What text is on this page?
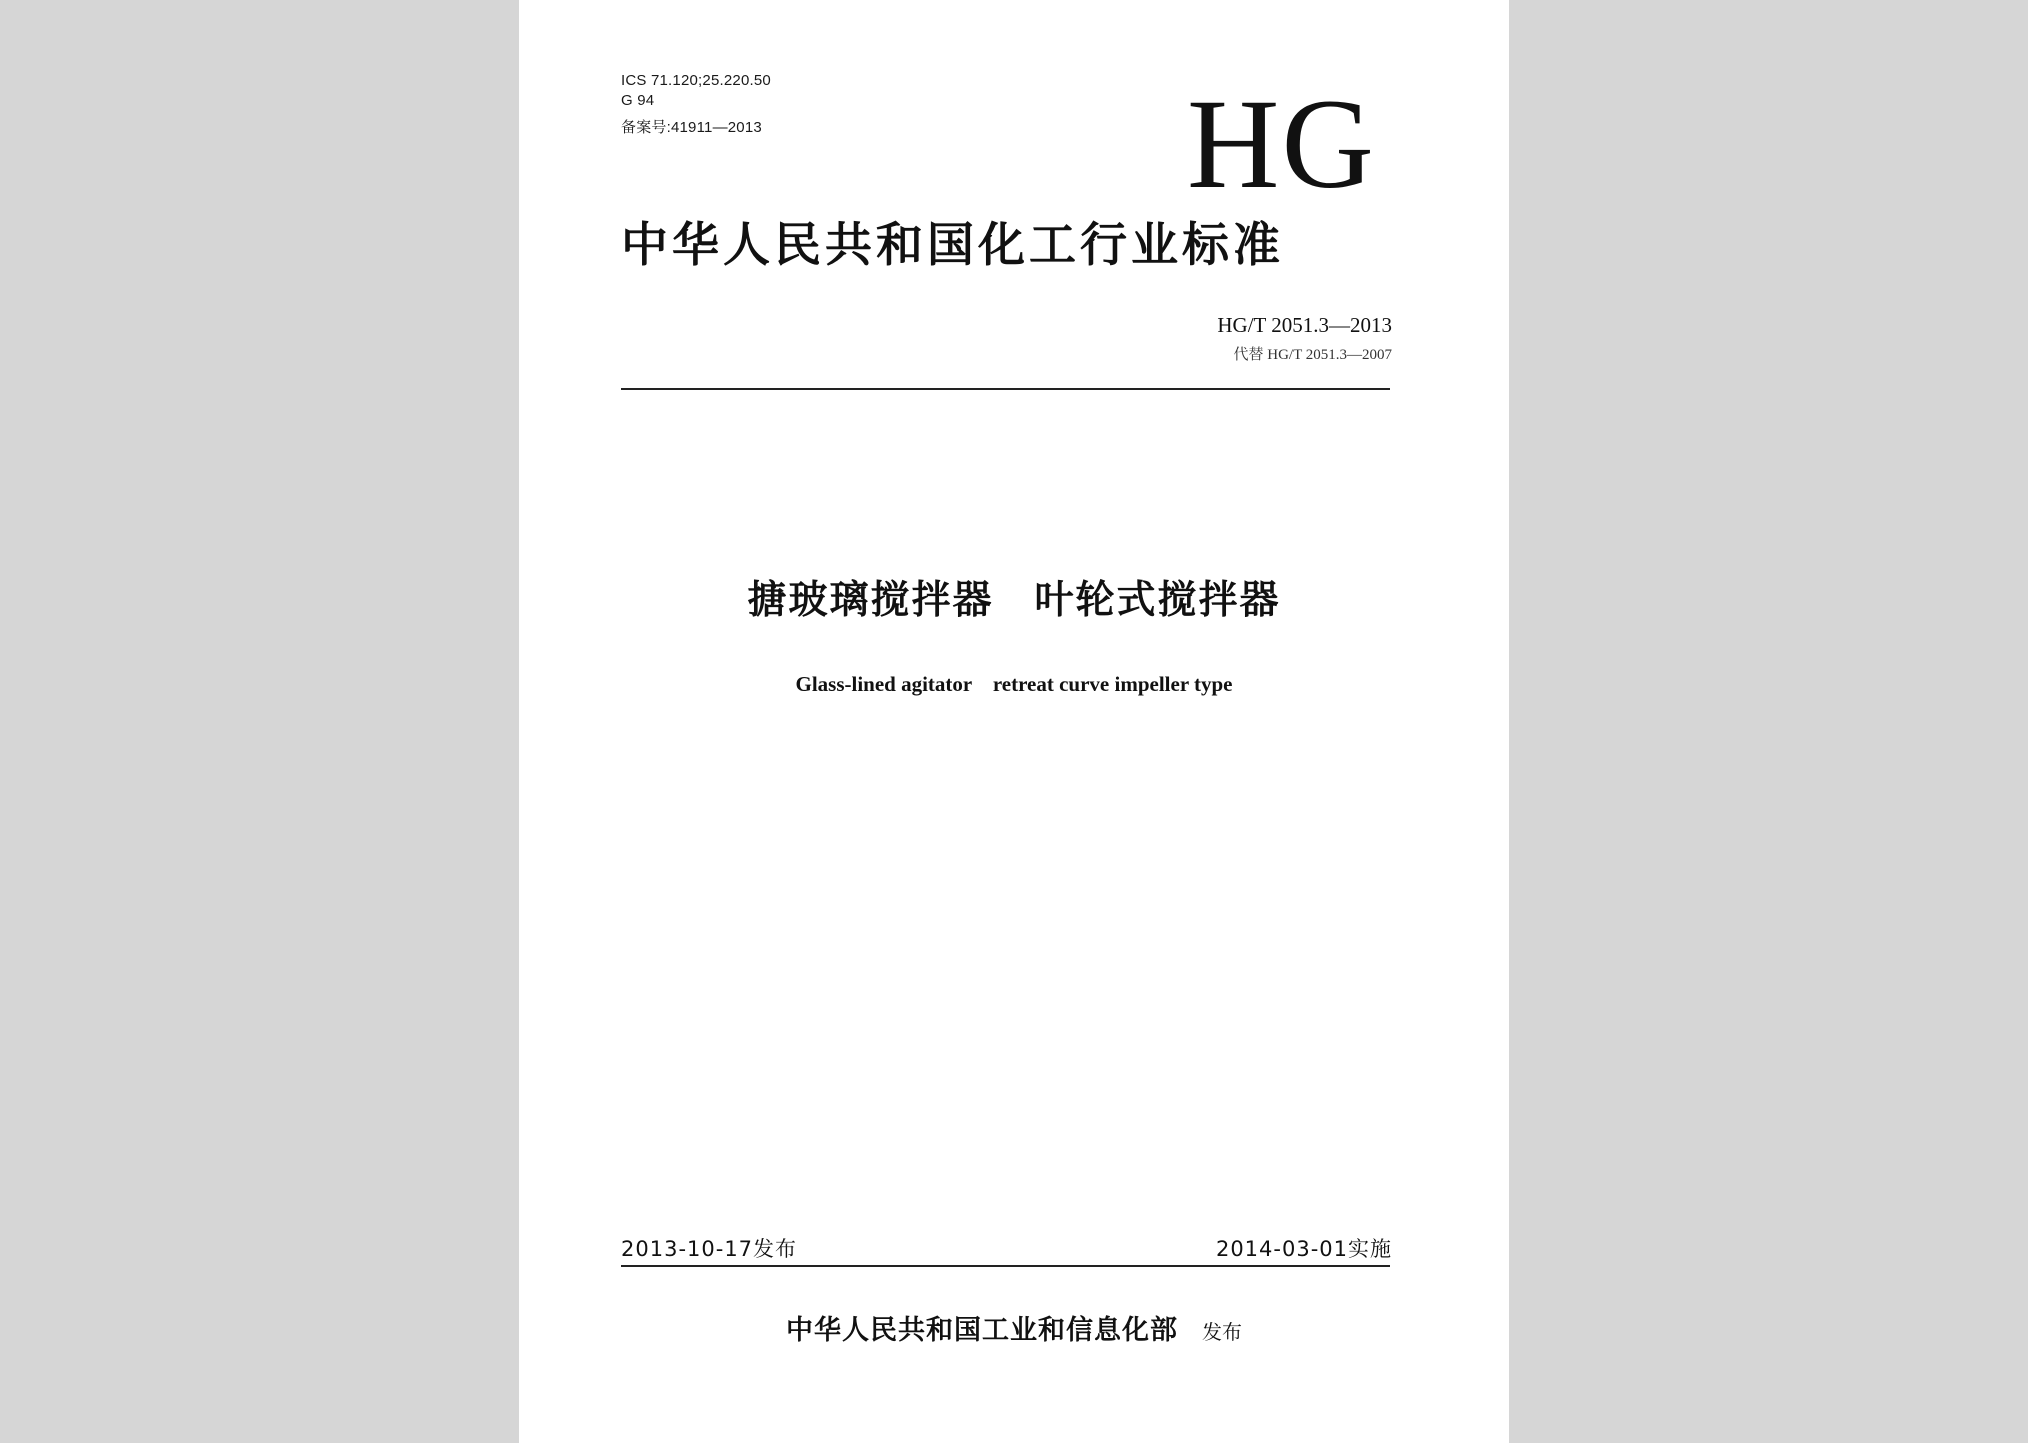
ICS 71.120;25.220.50
G 94
备案号:41911—2013	HG
中华人民共和国化工行业标准
HG/T 2051.3—2013
代替 HG/T 2051.3—2007
搪玻璃搅拌器　叶轮式搅拌器
Glass-lined agitator　retreat curve impeller type
2013-10-17发布	2014-03-01实施
中华人民共和国工业和信息化部 发布
